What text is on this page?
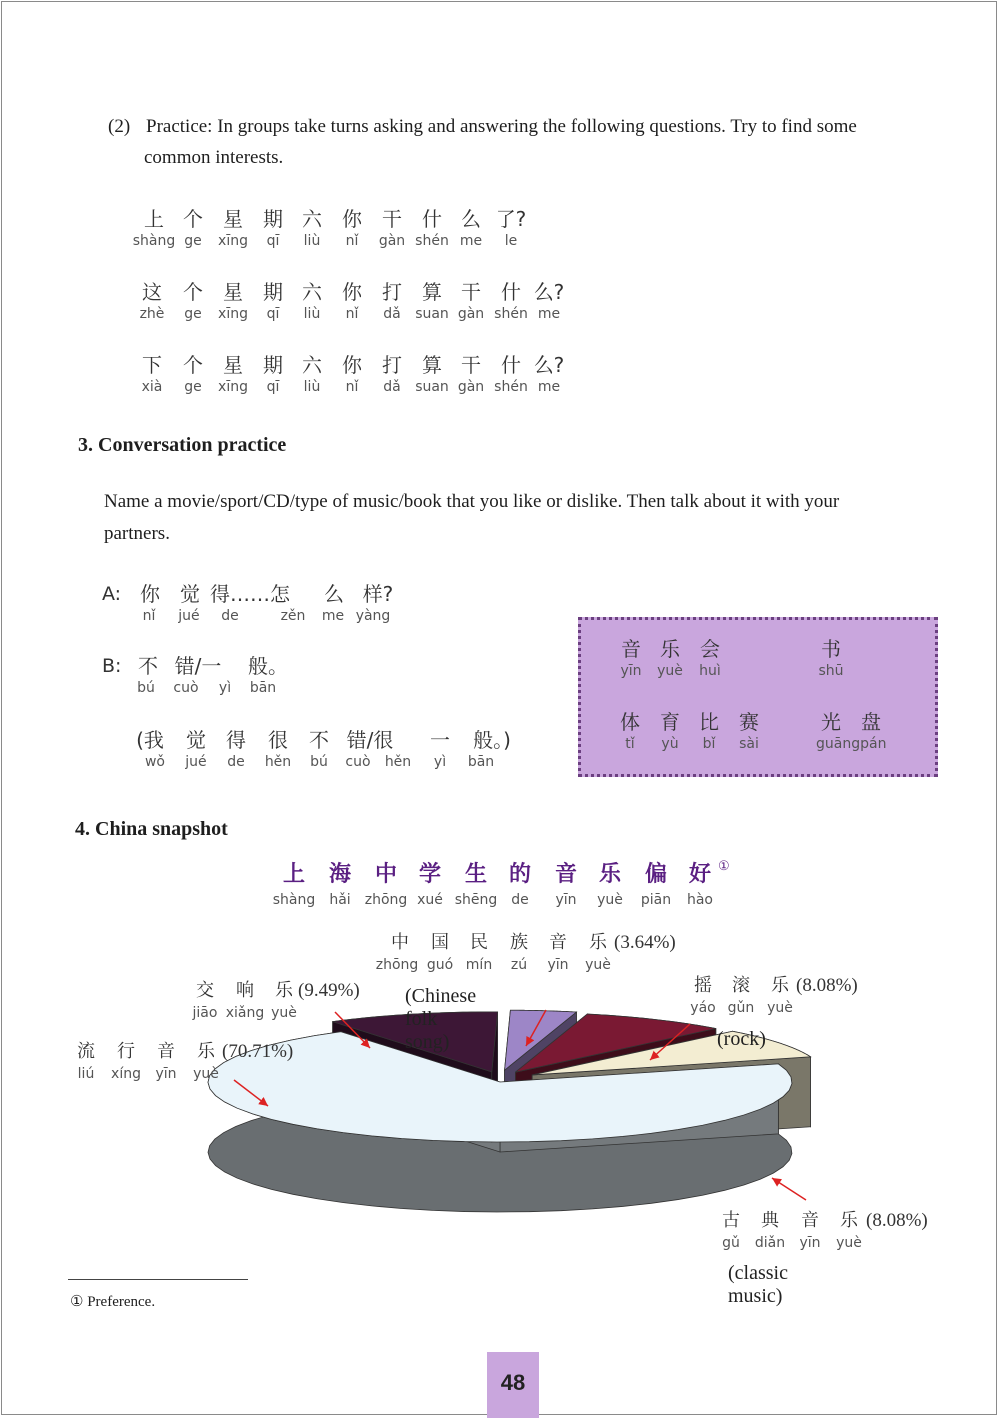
(2) Practice: In groups take turns asking and answering the following questions. Try to find some
common interests.
上 个	星	期 六	你	干	什 么 了?
shàng ge	xīng	qī	liù	nǐ	gàn shén me	le
这	个	星	期 六	你	打	算 干	什 么?
zhè	ge	xīng	qī	liù	nǐ	dǎ	suan gàn shén me
下	个	星	期 六	你	打	算 干	什 么?
xià	ge	xīng	qī	liù	nǐ	dǎ	suan gàn shén me
3. Conversation practice
Name a movie/sport/CD/type of music/book that you like or dislike. Then talk about it with your
partners.
A:
B:
你	觉 得……怎	么 样?
nǐ	jué	de	zěn	me yàng
不 错/一	般。
bú	cuò	yì	bān
(我	觉	得	很	不 错/很	一	般。)
wǒ	jué	de	hěn	bú	cuò	hěn	yì	bān
音 乐	会
yīn	yuè	huì
书
shū
体	育 比	赛
tǐ	yù	bǐ	sài
光	盘
guāngpán
4. China snapshot
上	海	中 学	生 的	音 乐	偏 好
shàng	hǎi	zhōng xué shēng de	yīn	yuè	piān	hào
流	行	音	乐
liú	xíng	yīn	yuè
(70.71%)
交	响	乐
jiāo xiǎng yuè
(9.49%)
中	国	民	族	音	乐
zhōng guó mín	zú	yīn	yuè
(3.64%)
(Chinese folk song)
摇	滚	乐
yáo gǔn yuè
(8.08%)
(rock)
古	典	音	乐
gǔ	diǎn	yīn	yuè
(8.08%)
(classic music)
①
① Preference.
48
